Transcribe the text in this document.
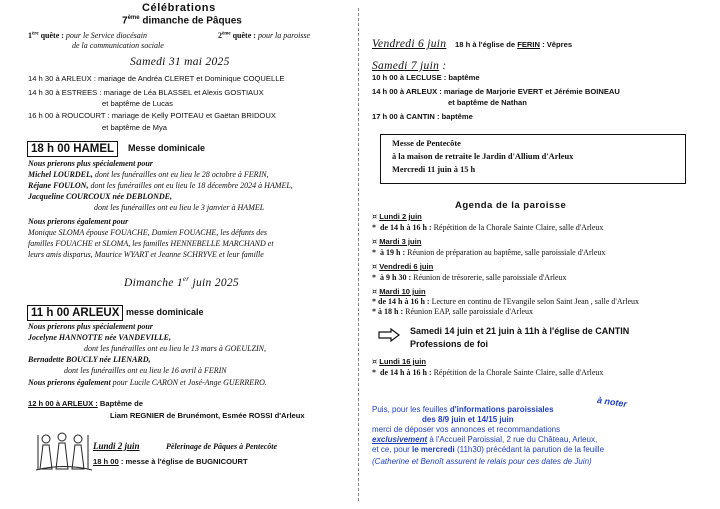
Célébrations
7ème dimanche de Pâques
1ère quête : pour le Service diocésain
de la communication sociale
2ème quête : pour la paroisse
Samedi 31 mai 2025
14 h 30 à ARLEUX : mariage de Andréa CLERET et Dominique COQUELLE
14 h 30 à ESTREES : mariage de Léa BLASSEL et Alexis GOSTIAUX
et baptême de Lucas
16 h 00 à ROUCOURT : mariage de Kelly POITEAU et Gaëtan BRIDOUX
et baptême de Mya
18 h 00 HAMEL	Messe dominicale
Nous prierons plus spécialement pour
Michel LOURDEL, dont les funérailles ont eu lieu le 28 octobre à FERIN,
Réjane FOULON, dont les funérailles ont eu lieu le 18 décembre 2024 à HAMEL,
Jacqueline COURCOUX née DEBLONDE,
dont les funérailles ont eu lieu le 3 janvier à HAMEL
Nous prierons également pour
Monique SLOMA épouse FOUACHE, Damien FOUACHE, les défunts des
familles FOUACHE et SLOMA, les familles HENNEBELLE MARCHAND et
leurs amis disparus, Maurice WYART et Jeanne SCHRYVE et leur famille
Dimanche 1er juin 2025
11 h 00 ARLEUX messe dominicale
Nous prierons plus spécialement pour
Jocelyne HANNOTTE née VANDEVILLE,
dont les funérailles ont eu lieu le 13 mars à GOEULZIN,
Bernadette BOUCLY née LIENARD,
dont les funérailles ont eu lieu le 16 avril à FERIN
Nous prierons également pour Lucile CARON et José-Ange GUERRERO.
12 h 00 à ARLEUX : Baptême de
Liam REGNIER de Brunémont, Esmée ROSSI d'Arleux
Lundi 2 juin	Pèlerinage de Pâques à Pentecôte
18 h 00 : messe à l'église de BUGNICOURT
Vendredi 6 juin 18 h à l'église de FERIN : Vêpres
Samedi 7 juin :
10 h 00 à LECLUSE : baptême
14 h 00 à ARLEUX : mariage de Marjorie EVERT et Jérémie BOINEAU
et baptême de Nathan
17 h 00 à CANTIN : baptême
Messe de Pentecôte
à la maison de retraite le Jardin d'Allium d'Arleux
Mercredi 11 juin à 15 h
Agenda de la paroisse
¤ Lundi 2 juin
* de 14 h à 16 h : Répétition de la Chorale Sainte Claire, salle d'Arleux
¤ Mardi 3 juin
* à 19 h : Réunion de préparation au baptême, salle paroissiale d'Arleux
¤ Vendredi 6 juin
* à 9 h 30 : Réunion de trésorerie, salle paroissiale d'Arleux
¤ Mardi 10 juin
* de 14 h à 16 h : Lecture en continu de l'Evangile selon Saint Jean , salle d'Arleux
* à 18 h : Réunion EAP, salle paroissiale d'Arleux
Samedi 14 juin et 21 juin à 11h à l'église de CANTIN
Professions de foi
¤ Lundi 16 juin
* de 14 h à 16 h : Répétition de la Chorale Sainte Claire, salle d'Arleux
Puis, pour les feuilles d'informations paroissiales
des 8/9 juin et 14/15 juin
merci de déposer vos annonces et recommandations
exclusivement à l'Accueil Paroissial, 2 rue du Château, Arleux,
et ce, pour le mercredi (11h30) précédant la parution de la feuille
(Catherine et Benoît assurent le relais pour ces dates de Juin)
à noter
